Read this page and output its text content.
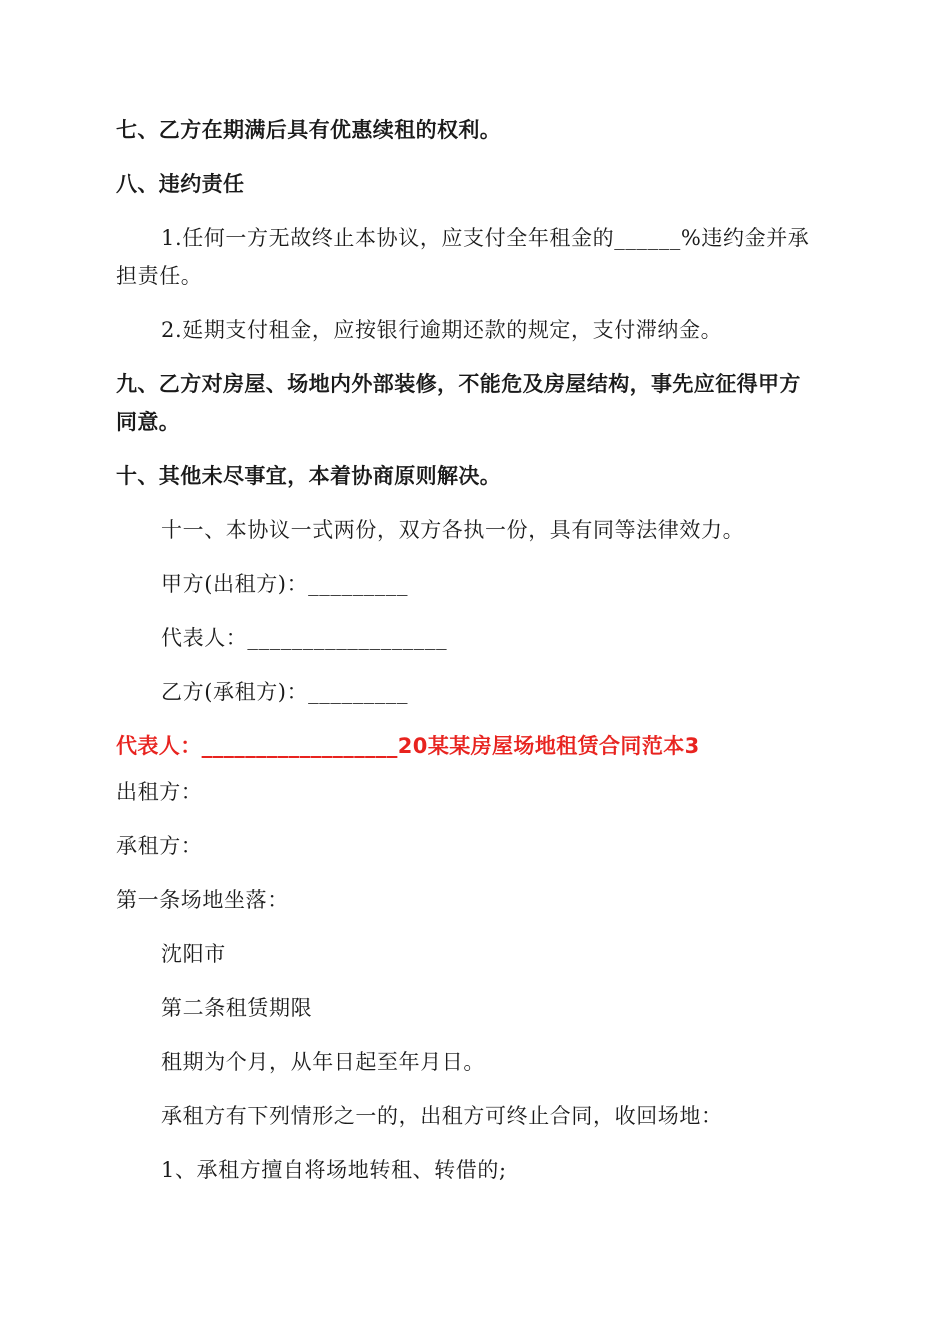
七、乙方在期满后具有优惠续租的权利。
八、违约责任
1.任何一方无故终止本协议，应支付全年租金的______%违约金并承
担责任。
2.延期支付租金，应按银行逾期还款的规定，支付滞纳金。
九、乙方对房屋、场地内外部装修，不能危及房屋结构，事先应征得甲方
同意。
十、其他未尽事宜，本着协商原则解决。
十一、本协议一式两份，双方各执一份，具有同等法律效力。
甲方(出租方)：_________
代表人：__________________
乙方(承租方)：_________
代表人：__________________20某某房屋场地租赁合同范本3
出租方：
承租方：
第一条场地坐落：
沈阳市
第二条租赁期限
租期为个月，从年日起至年月日。
承租方有下列情形之一的，出租方可终止合同，收回场地：
1、承租方擅自将场地转租、转借的;
